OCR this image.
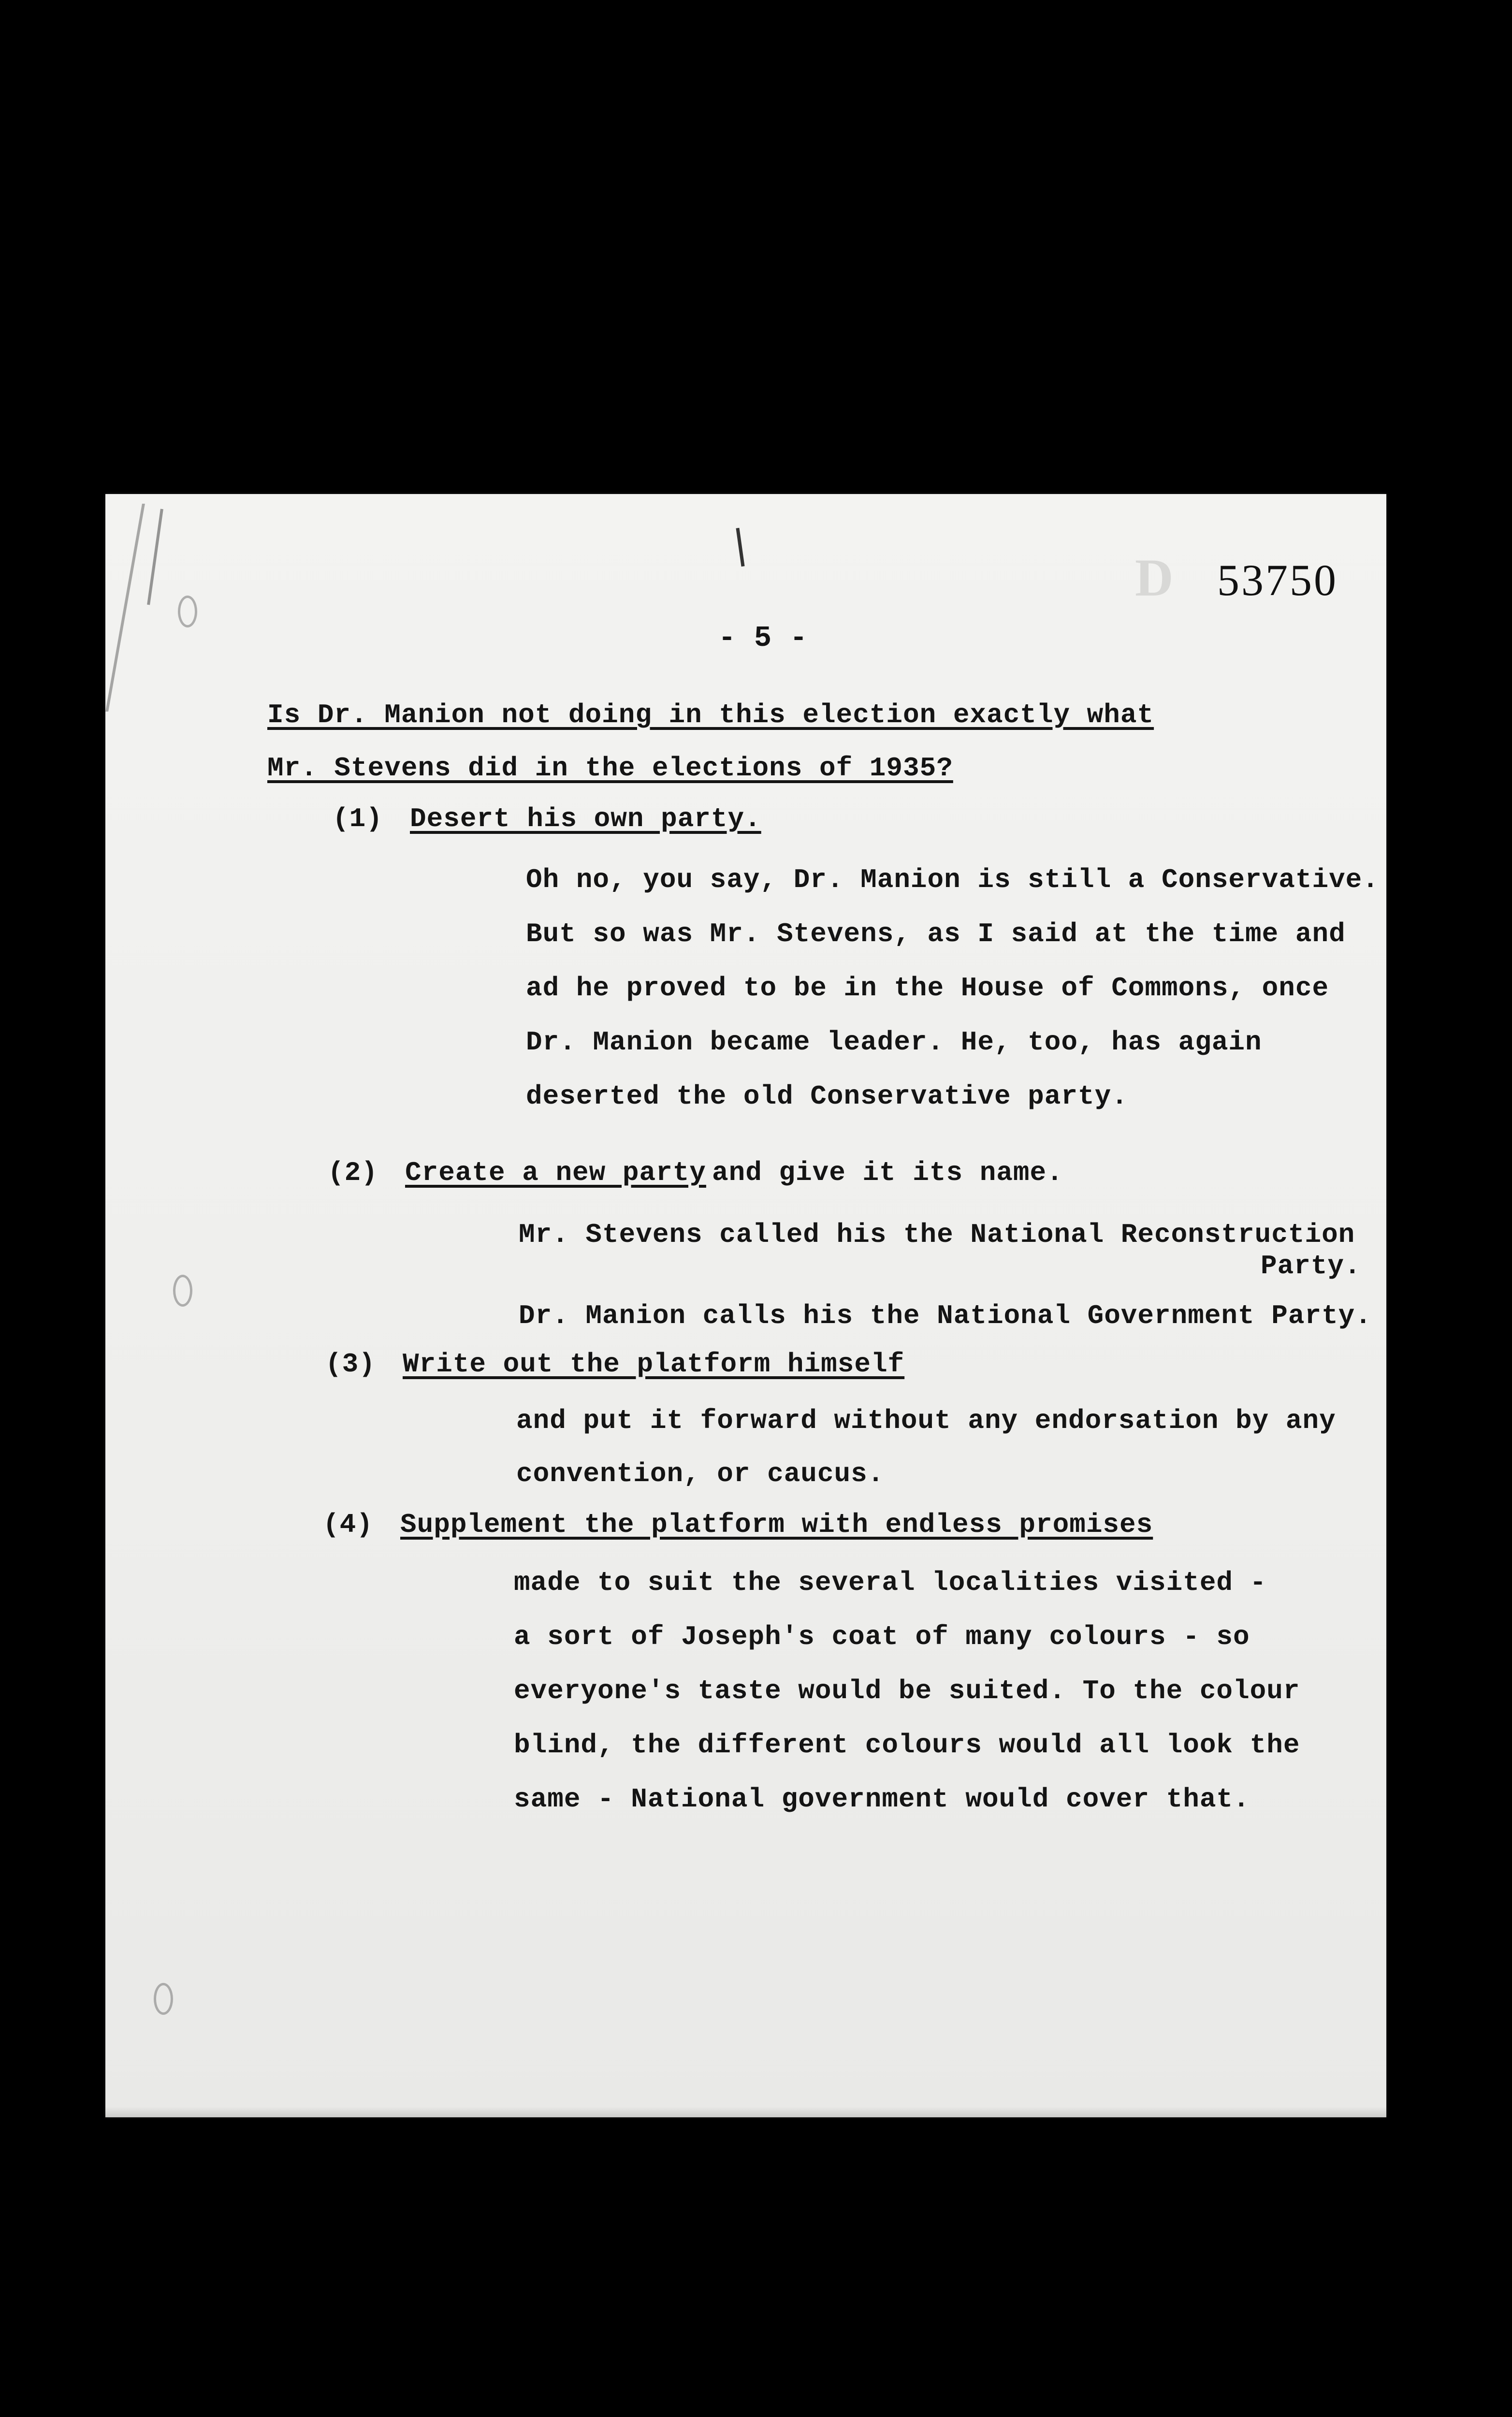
D 53750
- 5 -
Is Dr. Manion not doing in this election exactly what
Mr. Stevens did in the elections of 1935?
(1) Desert his own party.
Oh no, you say, Dr. Manion is still a Conservative.
But so was Mr. Stevens, as I said at the time and
ad he proved to be in the House of Commons, once
Dr. Manion became leader. He, too, has again
deserted the old Conservative party.
(2) Create a new party and give it its name.
Mr. Stevens called his the National Reconstruction
Party.
Dr. Manion calls his the National Government Party.
(3) Write out the platform himself
and put it forward without any endorsation by any
convention, or caucus.
(4) Supplement the platform with endless promises
made to suit the several localities visited -
a sort of Joseph's coat of many colours - so
everyone's taste would be suited. To the colour
blind, the different colours would all look the
same - National government would cover that.
